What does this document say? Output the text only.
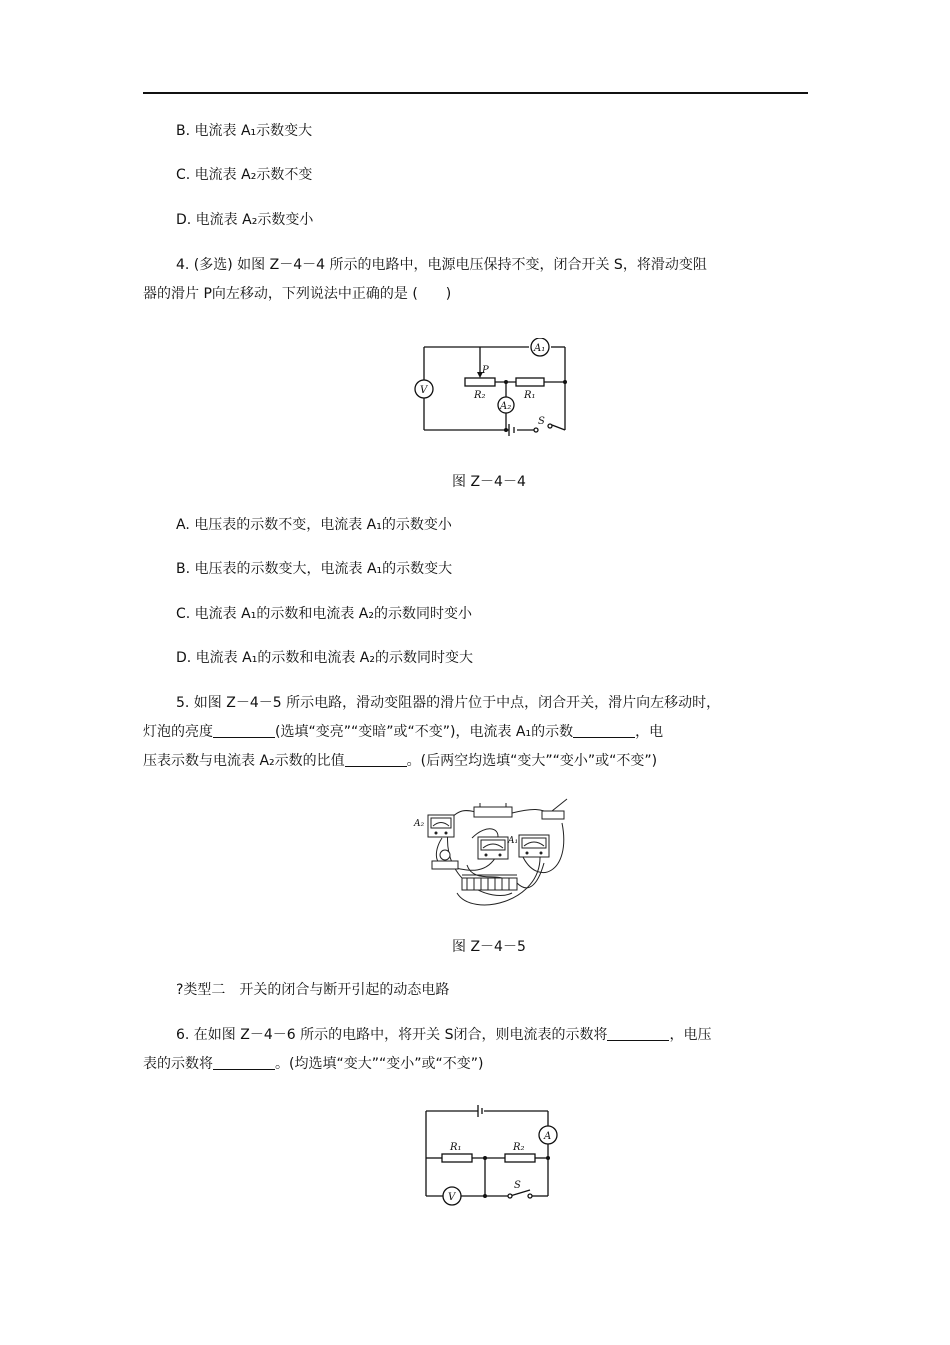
B. 电流表 A₁示数变大
C. 电流表 A₂示数不变
D. 电流表 A₂示数变小
4. (多选) 如图 Z－4－4 所示的电路中，电源电压保持不变，闭合开关 S，将滑动变阻
器的滑片 P向左移动，下列说法中正确的是 (　　)
A₁
V
A₂
P
R₂	R₁
S
图 Z－4－4
A. 电压表的示数不变，电流表 A₁的示数变小
B. 电压表的示数变大，电流表 A₁的示数变大
C. 电流表 A₁的示数和电流表 A₂的示数同时变小
D. 电流表 A₁的示数和电流表 A₂的示数同时变大
5. 如图 Z－4－5 所示电路，滑动变阻器的滑片位于中点，闭合开关，滑片向左移动时，
灯泡的亮度	(选填“变亮”“变暗”或“不变”)，电流表 A₁的示数	，电
压表示数与电流表 A₂示数的比值	。(后两空均选填“变大”“变小”或“不变”)
A₂
A₁
图 Z－4－5
?类型二　开关的闭合与断开引起的动态电路
6. 在如图 Z－4－6 所示的电路中，将开关 S闭合，则电流表的示数将	，电压
表的示数将	。(均选填“变大”“变小”或“不变”)
A
V
R₁	R₂
S
